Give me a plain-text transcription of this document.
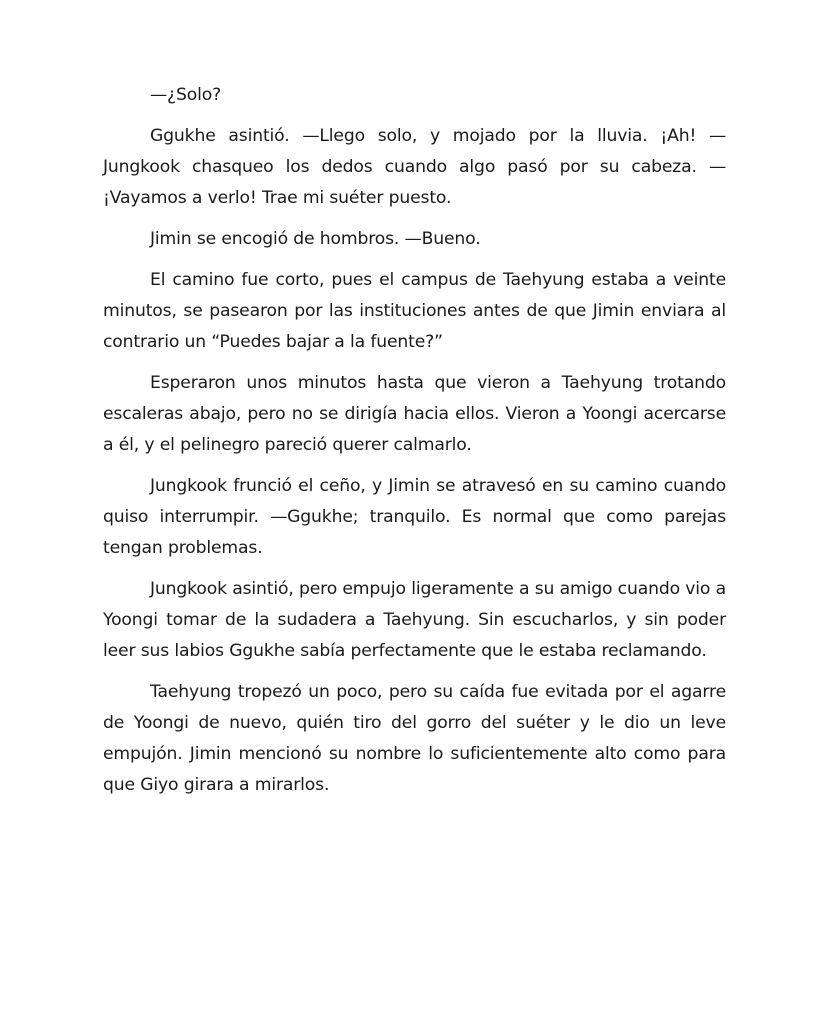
—¿Solo?

Ggukhe asintió. —Llego solo, y mojado por la lluvia. ¡Ah! —Jungkook chasqueo los dedos cuando algo pasó por su cabeza. —¡Vayamos a verlo! Trae mi suéter puesto.

Jimin se encogió de hombros. —Bueno.

El camino fue corto, pues el campus de Taehyung estaba a veinte minutos, se pasearon por las instituciones antes de que Jimin enviara al contrario un “Puedes bajar a la fuente?”

Esperaron unos minutos hasta que vieron a Taehyung trotando escaleras abajo, pero no se dirigía hacia ellos. Vieron a Yoongi acercarse a él, y el pelinegro pareció querer calmarlo.

Jungkook frunció el ceño, y Jimin se atravesó en su camino cuando quiso interrumpir. —Ggukhe; tranquilo. Es normal que como parejas tengan problemas.

Jungkook asintió, pero empujo ligeramente a su amigo cuando vio a Yoongi tomar de la sudadera a Taehyung. Sin escucharlos, y sin poder leer sus labios Ggukhe sabía perfectamente que le estaba reclamando.

Taehyung tropezó un poco, pero su caída fue evitada por el agarre de Yoongi de nuevo, quién tiro del gorro del suéter y le dio un leve empujón. Jimin mencionó su nombre lo suficientemente alto como para que Giyo girara a mirarlos.
